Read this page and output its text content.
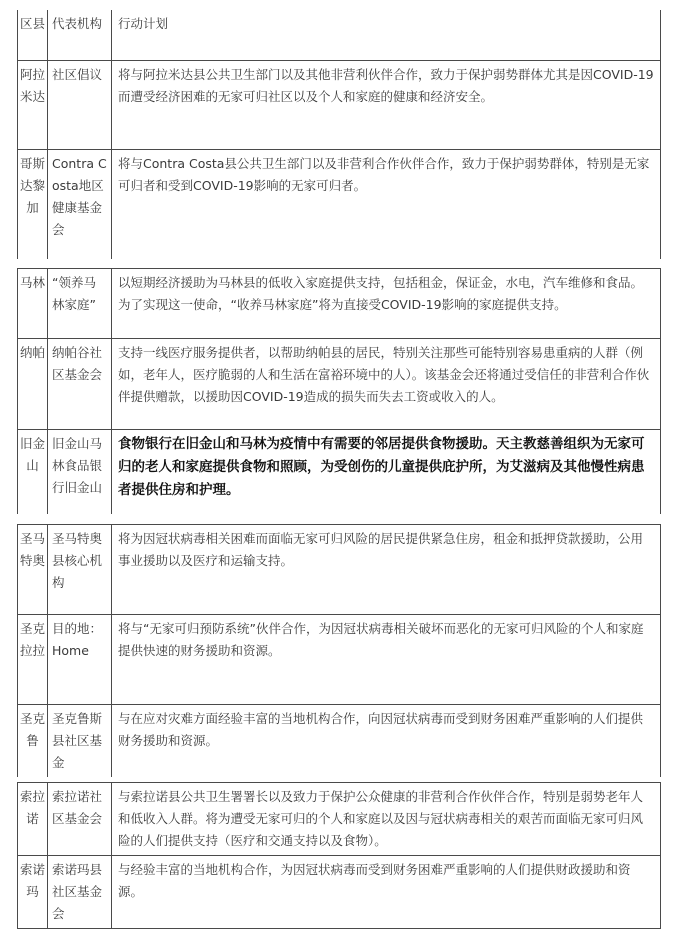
区县	代表机构	行动计划
阿拉米达	社区倡议	将与阿拉米达县公共卫生部门以及其他非营利伙伴合作，致力于保护弱势群体尤其是因COVID-19而遭受经济困难的无家可归社区以及个人和家庭的健康和经济安全。
哥斯达黎加	Contra Costa地区健康基金会	将与Contra Costa县公共卫生部门以及非营利合作伙伴合作，致力于保护弱势群体，特别是无家可归者和受到COVID-19影响的无家可归者。
马林	“领养马林家庭”	以短期经济援助为马林县的低收入家庭提供支持，包括租金，保证金，水电，汽车维修和食品。为了实现这一使命，“收养马林家庭”将为直接受COVID-19影响的家庭提供支持。
纳帕	纳帕谷社区基金会	支持一线医疗服务提供者，以帮助纳帕县的居民，特别关注那些可能特别容易患重病的人群（例如，老年人，医疗脆弱的人和生活在富裕环境中的人）。该基金会还将通过受信任的非营利合作伙伴提供赠款，以援助因COVID-19造成的损失而失去工资或收入的人。
旧金山	旧金山马林食品银行旧金山	食物银行在旧金山和马林为疫情中有需要的邻居提供食物援助。天主教慈善组织为无家可归的老人和家庭提供食物和照顾，为受创伤的儿童提供庇护所，为艾滋病及其他慢性病患者提供住房和护理。
圣马特奥	圣马特奥县核心机构	将为因冠状病毒相关困难而面临无家可归风险的居民提供紧急住房，租金和抵押贷款援助，公用事业援助以及医疗和运输支持。
圣克拉拉	目的地：Home	将与“无家可归预防系统”伙伴合作，为因冠状病毒相关破坏而恶化的无家可归风险的个人和家庭提供快速的财务援助和资源。
圣克鲁	圣克鲁斯县社区基金	与在应对灾难方面经验丰富的当地机构合作，向因冠状病毒而受到财务困难严重影响的人们提供财务援助和资源。
索拉诺	索拉诺社区基金会	与索拉诺县公共卫生署署长以及致力于保护公众健康的非营利合作伙伴合作，特别是弱势老年人和低收入人群。将为遭受无家可归的个人和家庭以及因与冠状病毒相关的艰苦而面临无家可归风险的人们提供支持（医疗和交通支持以及食物）。
索诺玛	索诺玛县社区基金会	与经验丰富的当地机构合作，为因冠状病毒而受到财务困难严重影响的人们提供财政援助和资源。
